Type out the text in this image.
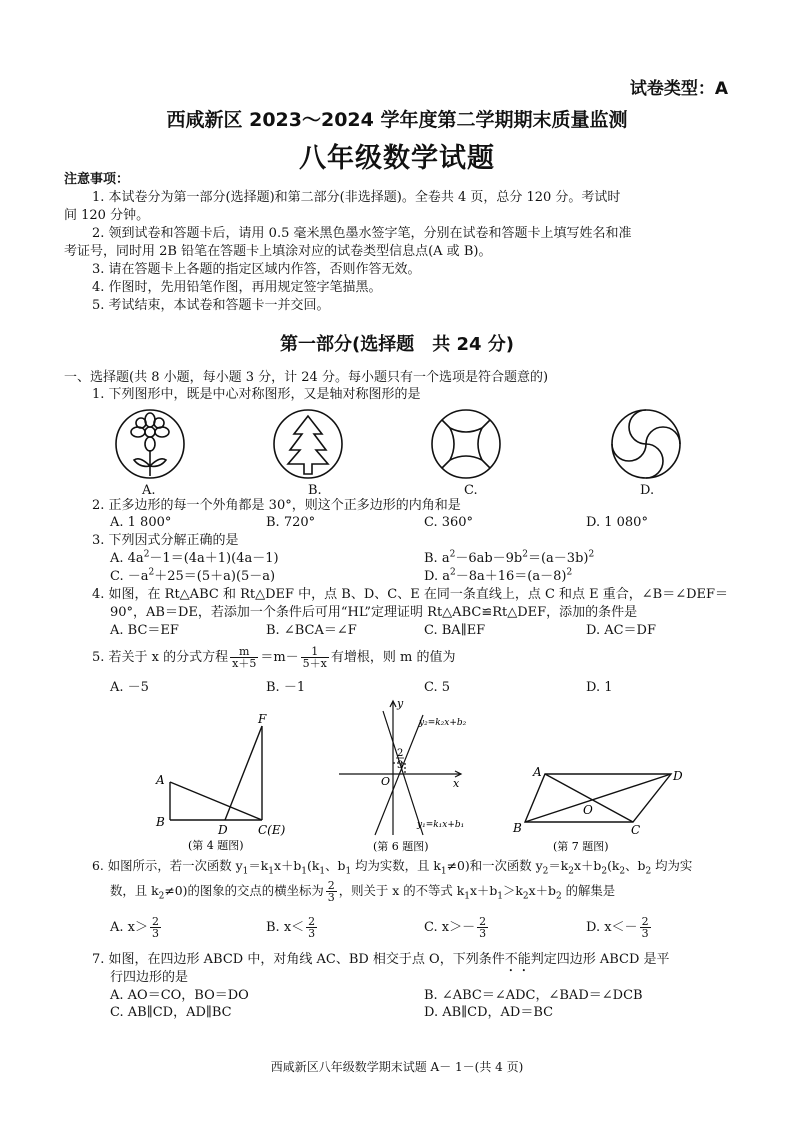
试卷类型：A
西咸新区 2023～2024 学年度第二学期期末质量监测
八年级数学试题
注意事项：
1. 本试卷分为第一部分(选择题)和第二部分(非选择题)。全卷共 4 页，总分 120 分。考试时
间 120 分钟。
2. 领到试卷和答题卡后，请用 0.5 毫米黑色墨水签字笔，分别在试卷和答题卡上填写姓名和准
考证号，同时用 2B 铅笔在答题卡上填涂对应的试卷类型信息点(A 或 B)。
3. 请在答题卡上各题的指定区域内作答，否则作答无效。
4. 作图时，先用铅笔作图，再用规定签字笔描黑。
5. 考试结束，本试卷和答题卡一并交回。
第一部分(选择题　共 24 分)
一、选择题(共 8 小题，每小题 3 分，计 24 分。每小题只有一个选项是符合题意的)
1. 下列图形中，既是中心对称图形，又是轴对称图形的是
A.	B.	C.	D.
2. 正多边形的每一个外角都是 30°，则这个正多边形的内角和是
A. 1 800°	B. 720°	C. 360°	D. 1 080°
3. 下列因式分解正确的是
A. $4a^2-1=(4a+1)(4a-1)$	B. $a^2-6ab-9b^2=(a-3b)^2$
C. $-a^2+25=(5+a)(5-a)$	D. $a^2-8a+16=(a-8)^2$
4. 如图，在 Rt△ABC 和 Rt△DEF 中，点 B、D、C、E 在同一条直线上，点 C 和点 E 重合，∠B＝∠DEF＝
90°，AB＝DE，若添加一个条件后可用“HL”定理证明 Rt△ABC≌Rt△DEF，添加的条件是
A. BC＝EF	B. ∠BCA＝∠F	C. BA∥EF	D. AC＝DF
5. 若关于 x 的分式方程 $\frac{m}{x+5} =m- \frac{1}{5+x}$ 有增根，则 m 的值为
A. －5	B. －1	C. 5	D. 1
F
A
B
D	C(E)
(第 4 题图)
y
x
O
2
3
y₂=k₂x+b₂
y₁=k₁x+b₁
(第 6 题图)
A	D
O
B	C
(第 7 题图)
6. 如图所示，若一次函数 $y_1=k_1x+b_1(k_1$、$b_1$ 均为实数，且 $k_1\ne 0$)和一次函数 $y_2=k_2x+b_2(k_2$、$b_2$ 均为实
数，且 $k_2\ne 0$)的图象的交点的横坐标为 $\frac{2}{3}$ ，则关于 x 的不等式 $k_1x+b_1>k_2x+b_2$ 的解集是
A. $x> \frac{2}{3}$	B. $x< \frac{2}{3}$	C. $x>- \frac{2}{3}$	D. $x<- \frac{2}{3}$
7. 如图，在四边形 ABCD 中，对角线 AC、BD 相交于点 O，下列条件不能判定四边形 ABCD 是平
行四边形的是
A. AO＝CO，BO＝DO	B. ∠ABC＝∠ADC，∠BAD＝∠DCB
C. AB∥CD，AD∥BC	D. AB∥CD，AD＝BC
西咸新区八年级数学期末试题 A－ 1－(共 4 页)
